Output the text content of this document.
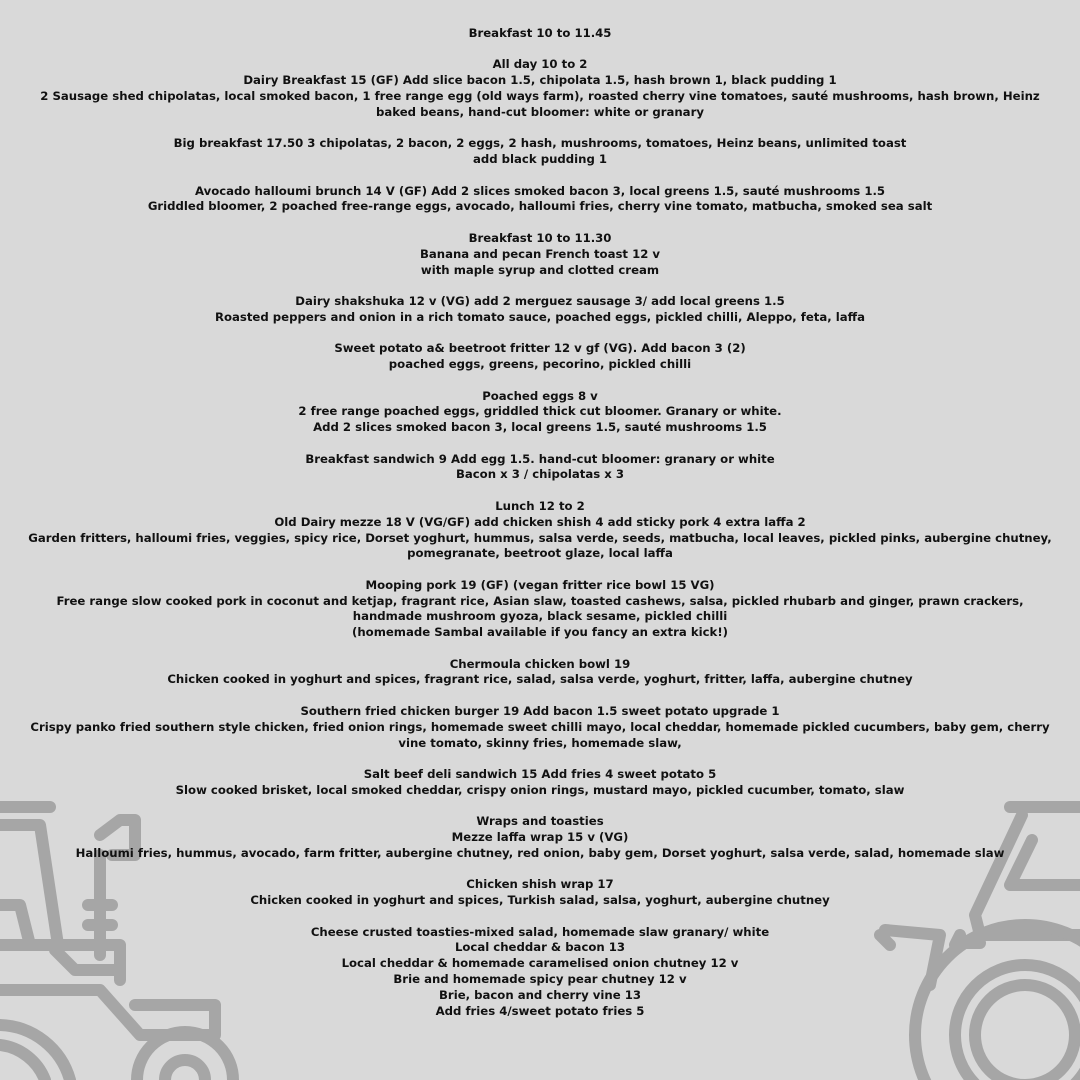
Breakfast 10 to 11.45
All day 10 to 2
Dairy Breakfast 15 (GF) Add slice bacon 1.5, chipolata 1.5, hash brown 1, black pudding 1
2 Sausage shed chipolatas, local smoked bacon, 1 free range egg (old ways farm), roasted cherry vine tomatoes, sauté mushrooms, hash brown, Heinz baked beans, hand-cut bloomer: white or granary
Big breakfast 17.50 3 chipolatas, 2 bacon, 2 eggs, 2 hash, mushrooms, tomatoes, Heinz beans, unlimited toast
add black pudding 1
Avocado halloumi brunch 14 V (GF) Add 2 slices smoked bacon 3, local greens 1.5, sauté mushrooms 1.5
Griddled bloomer, 2 poached free-range eggs, avocado, halloumi fries, cherry vine tomato, matbucha, smoked sea salt
Breakfast 10 to 11.30
Banana and pecan French toast 12 v
with maple syrup and clotted cream
Dairy shakshuka 12 v (VG) add 2 merguez sausage 3/ add local greens 1.5
Roasted peppers and onion in a rich tomato sauce, poached eggs, pickled chilli, Aleppo, feta, laffa
Sweet potato a& beetroot fritter 12 v gf (VG). Add bacon 3 (2)
poached eggs, greens, pecorino, pickled chilli
Poached eggs 8 v
2 free range poached eggs, griddled thick cut bloomer. Granary or white.
Add 2 slices smoked bacon 3, local greens 1.5, sauté mushrooms 1.5
Breakfast sandwich 9 Add egg 1.5. hand-cut bloomer: granary or white
Bacon x 3 / chipolatas x 3
Lunch 12 to 2
Old Dairy mezze 18 V (VG/GF) add chicken shish 4 add sticky pork 4 extra laffa 2
Garden fritters, halloumi fries, veggies, spicy rice, Dorset yoghurt, hummus, salsa verde, seeds, matbucha, local leaves, pickled pinks, aubergine chutney, pomegranate, beetroot glaze, local laffa
Mooping pork 19 (GF) (vegan fritter rice bowl 15 VG)
Free range slow cooked pork in coconut and ketjap, fragrant rice, Asian slaw, toasted cashews, salsa, pickled rhubarb and ginger, prawn crackers, handmade mushroom gyoza, black sesame, pickled chilli
(homemade Sambal available if you fancy an extra kick!)
Chermoula chicken bowl 19
Chicken cooked in yoghurt and spices, fragrant rice, salad, salsa verde, yoghurt, fritter, laffa, aubergine chutney
Southern fried chicken burger 19 Add bacon 1.5 sweet potato upgrade 1
Crispy panko fried southern style chicken, fried onion rings, homemade sweet chilli mayo, local cheddar, homemade pickled cucumbers, baby gem, cherry vine tomato, skinny fries, homemade slaw,
Salt beef deli sandwich 15 Add fries 4 sweet potato 5
Slow cooked brisket, local smoked cheddar, crispy onion rings, mustard mayo, pickled cucumber, tomato, slaw
Wraps and toasties
Mezze laffa wrap 15 v (VG)
Halloumi fries, hummus, avocado, farm fritter, aubergine chutney, red onion, baby gem, Dorset yoghurt, salsa verde, salad, homemade slaw
Chicken shish wrap 17
Chicken cooked in yoghurt and spices, Turkish salad, salsa, yoghurt, aubergine chutney
Cheese crusted toasties-mixed salad, homemade slaw granary/ white
Local cheddar & bacon 13
Local cheddar & homemade caramelised onion chutney 12 v
Brie and homemade spicy pear chutney 12 v
Brie, bacon and cherry vine 13
Add fries 4/sweet potato fries 5
